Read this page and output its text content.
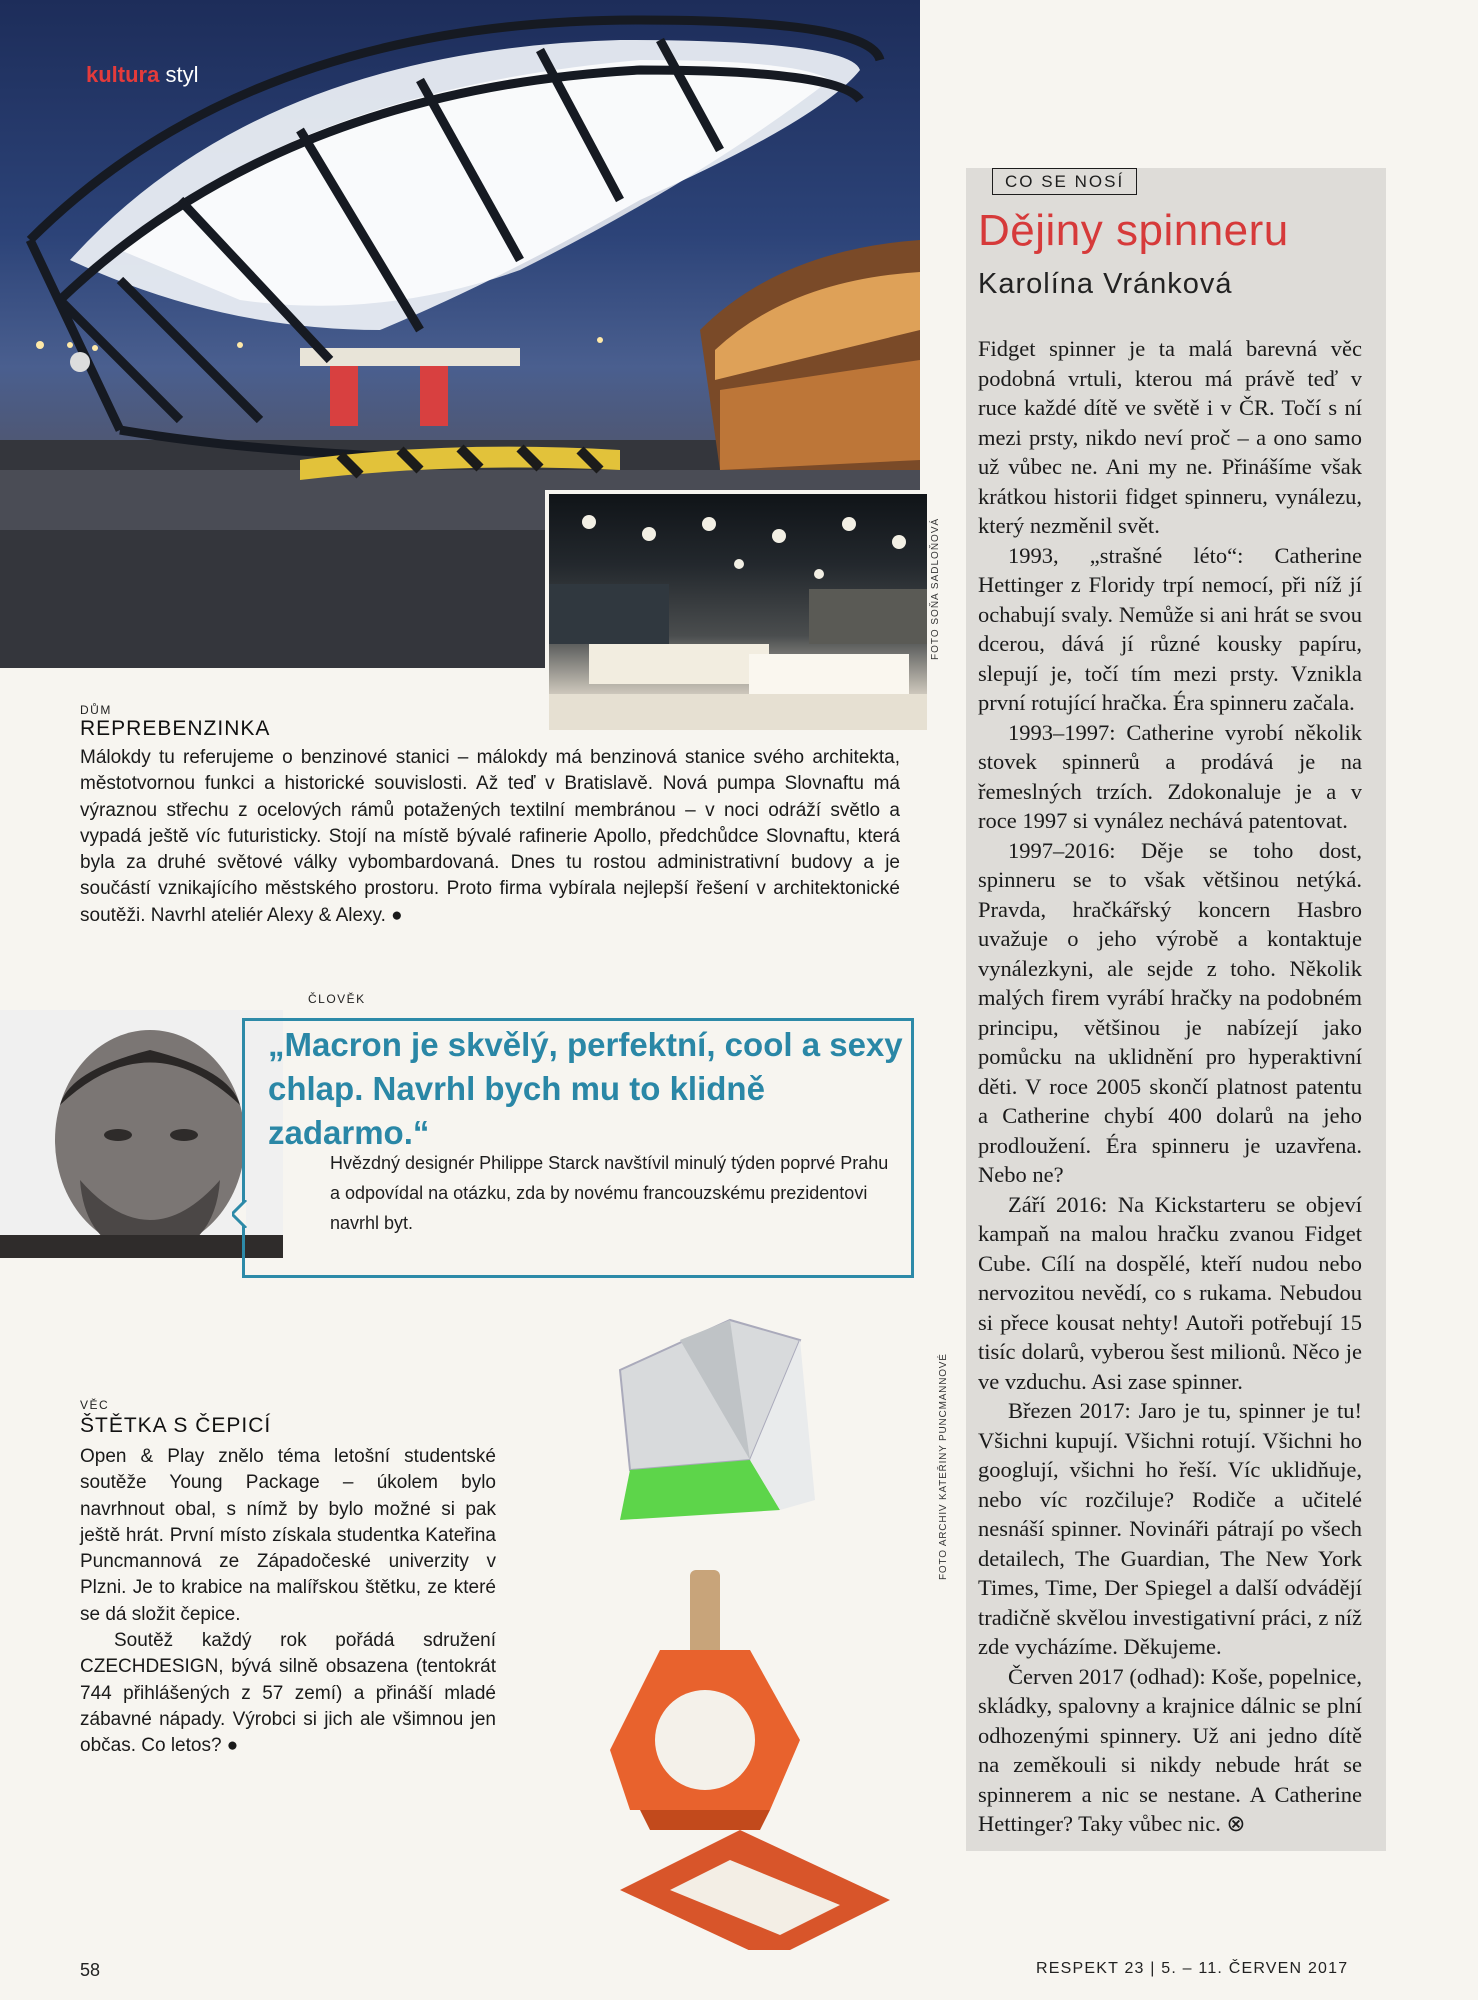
kultura styl
FOTO SOŇA SADLOŇOVÁ
DŮM
REPREBENZINKA

Málokdy tu referujeme o benzinové stanici – málokdy má benzinová stanice svého architekta, městotvornou funkci a historické souvislosti. Až teď v Bratislavě. Nová pumpa Slovnaftu má výraznou střechu z ocelových rámů potažených textilní membránou – v noci odráží světlo a vypadá ještě víc futuristicky. Stojí na místě bývalé rafinerie Apollo, předchůdce Slovnaftu, která byla za druhé světové války vybombardovaná. Dnes tu rostou administrativní budovy a je součástí vznikajícího městského prostoru. Proto firma vybírala nejlepší řešení v architektonické soutěži. Navrhl ateliér Alexy & Alexy. ●

ČLOVĚK
„Macron je skvělý, perfektní, cool a sexy chlap. Navrhl bych mu to klidně zadarmo.“
Hvězdný designér Philippe Starck navštívil minulý týden poprvé Prahu a odpovídal na otázku, zda by novému francouzskému prezidentovi navrhl byt.
VĚC
ŠTĚTKA S ČEPICÍ

Open & Play znělo téma letošní studentské soutěže Young Package – úkolem bylo navrhnout obal, s nímž by bylo možné si pak ještě hrát. První místo získala studentka Kateřina Puncmannová ze Západočeské univerzity v Plzni. Je to krabice na malířskou štětku, ze které se dá složit čepice.

Soutěž každý rok pořádá sdružení CZECHDESIGN, bývá silně obsazena (tentokrát 744 přihlášených z 57 zemí) a přináší mladé zábavné nápady. Výrobci si jich ale všimnou jen občas. Co letos? ●

FOTO ARCHIV KATEŘINY PUNCMANNOVÉ
CO SE NOSÍ
Dějiny spinneru
Karolína Vránková

Fidget spinner je ta malá barevná věc podobná vrtuli, kterou má právě teď v ruce každé dítě ve světě i v ČR. Točí s ní mezi prsty, nikdo neví proč – a ono samo už vůbec ne. Ani my ne. Přinášíme však krátkou historii fidget spinneru, vynálezu, který nezměnil svět.

1993, „strašné léto“: Catherine Hettinger z Floridy trpí nemocí, při níž jí ochabují svaly. Nemůže si ani hrát se svou dcerou, dává jí různé kousky papíru, slepují je, točí tím mezi prsty. Vznikla první rotující hračka. Éra spinneru začala.

1993–1997: Catherine vyrobí několik stovek spinnerů a prodává je na řemeslných trzích. Zdokonaluje je a v roce 1997 si vynález nechává patentovat.

1997–2016: Děje se toho dost, spinneru se to však většinou netýká. Pravda, hračkářský koncern Hasbro uvažuje o jeho výrobě a kontaktuje vynálezkyni, ale sejde z toho. Několik malých firem vyrábí hračky na podobném principu, většinou je nabízejí jako pomůcku na uklidnění pro hyperaktivní děti. V roce 2005 skončí platnost patentu a Catherine chybí 400 dolarů na jeho prodloužení. Éra spinneru je uzavřena. Nebo ne?

Září 2016: Na Kickstarteru se objeví kampaň na malou hračku zvanou Fidget Cube. Cílí na dospělé, kteří nudou nebo nervozitou nevědí, co s rukama. Nebudou si přece kousat nehty! Autoři potřebují 15 tisíc dolarů, vyberou šest milionů. Něco je ve vzduchu. Asi zase spinner.

Březen 2017: Jaro je tu, spinner je tu! Všichni kupují. Všichni rotují. Všichni ho googlují, všichni ho řeší. Víc uklidňuje, nebo víc rozčiluje? Rodiče a učitelé nesnáší spinner. Novináři pátrají po všech detailech, The Guardian, The New York Times, Time, Der Spiegel a další odvádějí tradičně skvělou investigativní práci, z níž zde vycházíme. Děkujeme.

Červen 2017 (odhad): Koše, popelnice, skládky, spalovny a krajnice dálnic se plní odhozenými spinnery. Už ani jedno dítě na zeměkouli si nikdy nebude hrát se spinnerem a nic se nestane. A Catherine Hettinger? Taky vůbec nic. ⊗

58	RESPEKT 23 | 5. – 11. ČERVEN 2017
